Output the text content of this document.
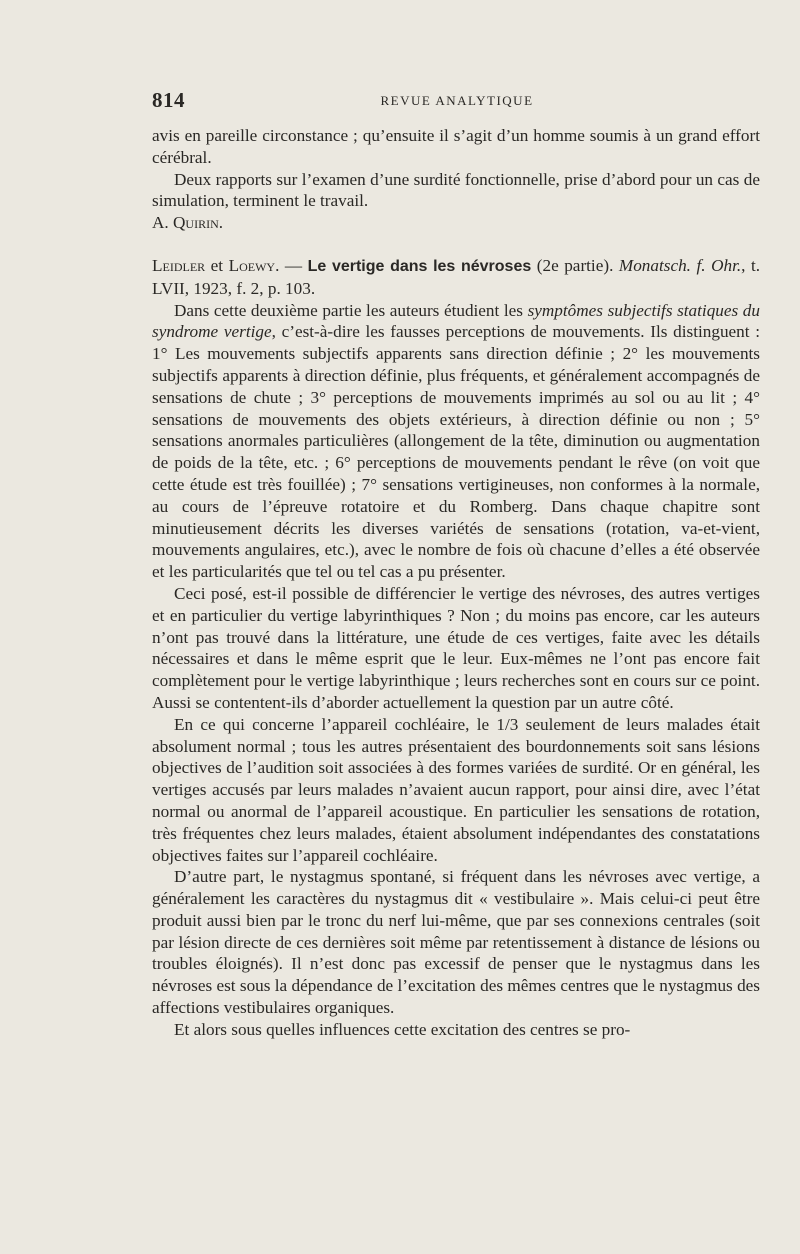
814	REVUE ANALYTIQUE

avis en pareille circonstance ; qu’ensuite il s’agit d’un homme soumis à un grand effort cérébral.

Deux rapports sur l’examen d’une surdité fonctionnelle, prise d’abord pour un cas de simulation, terminent le travail.

A. Quirin.

Leidler et Loewy. — Le vertige dans les névroses (2e partie). Monatsch. f. Ohr., t. LVII, 1923, f. 2, p. 103.

Dans cette deuxième partie les auteurs étudient les symptômes subjectifs statiques du syndrome vertige, c’est-à-dire les fausses perceptions de mouvements. Ils distinguent : 1° Les mouvements subjectifs apparents sans direction définie ; 2° les mouvements subjectifs apparents à direction définie, plus fréquents, et généralement accompagnés de sensations de chute ; 3° perceptions de mouvements imprimés au sol ou au lit ; 4° sensations de mouvements des objets extérieurs, à direction définie ou non ; 5° sensations anormales particulières (allongement de la tête, diminution ou augmentation de poids de la tête, etc. ; 6° perceptions de mouvements pendant le rêve (on voit que cette étude est très fouillée) ; 7° sensations vertigineuses, non conformes à la normale, au cours de l’épreuve rotatoire et du Romberg. Dans chaque chapitre sont minutieusement décrits les diverses variétés de sensations (rotation, va-et-vient, mouvements angulaires, etc.), avec le nombre de fois où chacune d’elles a été observée et les particularités que tel ou tel cas a pu présenter.

Ceci posé, est-il possible de différencier le vertige des névroses, des autres vertiges et en particulier du vertige labyrinthiques ? Non ; du moins pas encore, car les auteurs n’ont pas trouvé dans la littérature, une étude de ces vertiges, faite avec les détails nécessaires et dans le même esprit que le leur. Eux-mêmes ne l’ont pas encore fait complètement pour le vertige labyrinthique ; leurs recherches sont en cours sur ce point. Aussi se contentent-ils d’aborder actuellement la question par un autre côté.

En ce qui concerne l’appareil cochléaire, le 1/3 seulement de leurs malades était absolument normal ; tous les autres présentaient des bourdonnements soit sans lésions objectives de l’audition soit associées à des formes variées de surdité. Or en général, les vertiges accusés par leurs malades n’avaient aucun rapport, pour ainsi dire, avec l’état normal ou anormal de l’appareil acoustique. En particulier les sensations de rotation, très fréquentes chez leurs malades, étaient absolument indépendantes des constatations objectives faites sur l’appareil cochléaire.

D’autre part, le nystagmus spontané, si fréquent dans les névroses avec vertige, a généralement les caractères du nystagmus dit « vestibulaire ». Mais celui-ci peut être produit aussi bien par le tronc du nerf lui-même, que par ses connexions centrales (soit par lésion directe de ces dernières soit même par retentissement à distance de lésions ou troubles éloignés). Il n’est donc pas excessif de penser que le nystagmus dans les névroses est sous la dépendance de l’excitation des mêmes centres que le nystagmus des affections vestibulaires organiques.

Et alors sous quelles influences cette excitation des centres se pro-
